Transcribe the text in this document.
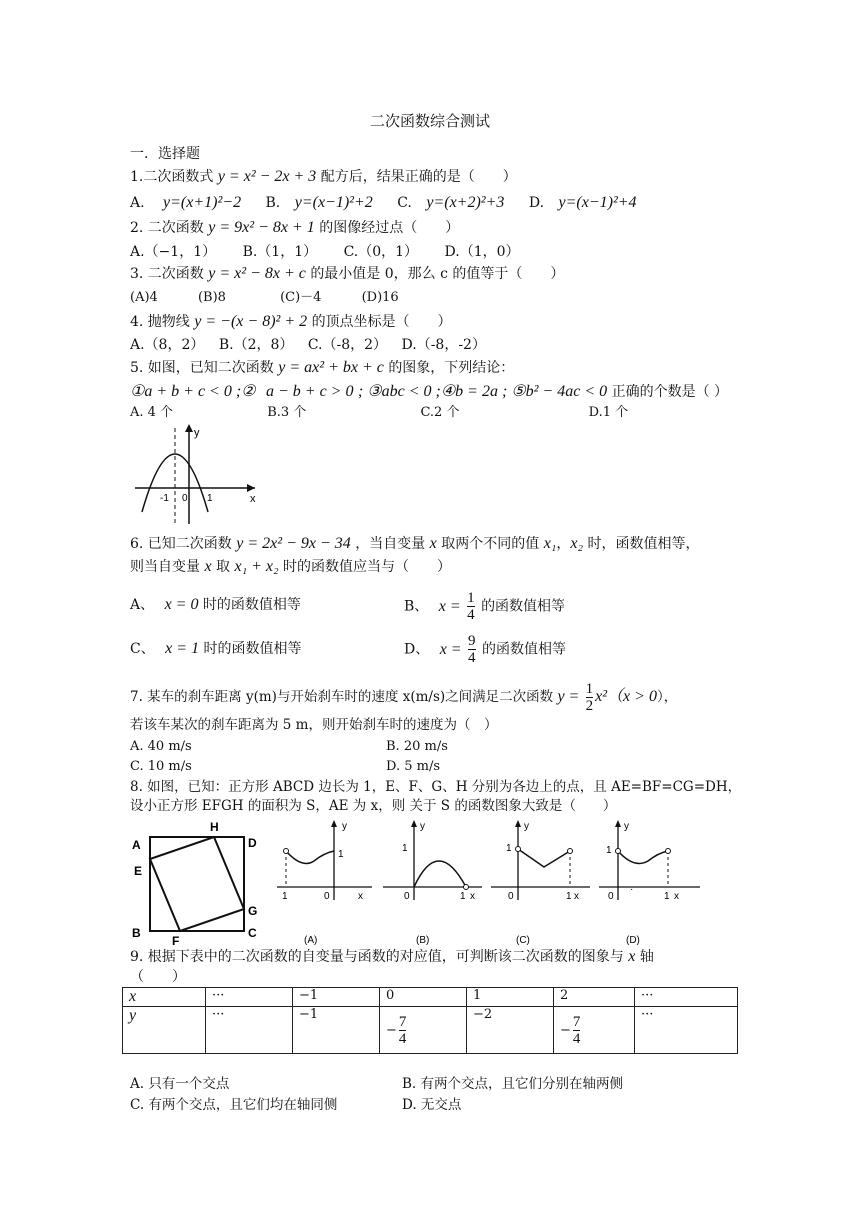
二次函数综合测试
一．选择题
1.二次函数式 y = x² − 2x + 3 配方后，结果正确的是（　　）
A. y=(x+1)²−2 B. y=(x−1)²+2 C. y=(x+2)²+3 D. y=(x−1)²+4
2. 二次函数 y = 9x² − 8x + 1 的图像经过点（　　）
A.（−1，1） B.（1，1） C.（0，1） D.（1，0）
3. 二次函数 y = x² − 8x + c 的最小值是 0，那么 c 的值等于（　　）
(A)4	(B)8	(C)－4	(D)16
4. 抛物线 y = −(x − 8)² + 2 的顶点坐标是（　　）
A.（8，2） B.（2，8） C.（-8，2） D.（-8，-2）
5. 如图，已知二次函数 y = ax² + bx + c 的图象，下列结论：
①a + b + c < 0 ;② a − b + c > 0 ; ③abc < 0 ;④b = 2a ; ⑤b² − 4ac < 0 正确的个数是（ ）
A. 4 个	B.3 个	C.2 个	D.1 个
y
x
-1 0 1
6. 已知二次函数 y = 2x² − 9x − 34 ，当自变量 x 取两个不同的值 x₁，x₂ 时，函数值相等，
则当自变量 x 取 x₁ + x₂ 时的函数值应当与（　　）
A、 x = 0 时的函数值相等	B、 $x = \frac{1}{4}$ 的函数值相等
C、 x = 1 时的函数值相等	D、 $x = \frac{9}{4}$ 的函数值相等
7. 某车的刹车距离 y(m)与开始刹车时的速度 x(m/s)之间满足二次函数 $y = \frac{1}{2} x^2(x > 0)$，
若该车某次的刹车距离为 5 m，则开始刹车时的速度为（　）
A. 40 m/s	B. 20 m/s
C. 10 m/s	D. 5 m/s
8. 如图，已知：正方形 ABCD 边长为 1，E、F、G、H 分别为各边上的点，且 AE=BF=CG=DH，
设小正方形 EFGH 的面积为 S，AE 为 x，则 关于 S 的函数图象大致是（　　）
A
E
B
F
C
G
D
H	y
1
1	0	x
(A)
y
1
0	1 x
(B)
y
1
0	1 x
(C)
y
1
0
·
1 x
(D)
9. 根据下表中的二次函数的自变量与函数的对应值，可判断该二次函数的图象与 x 轴
（　　）
x	···	−1	0	1	2	···
y	···	−1	− $\frac{7}{4}$	−2	− $\frac{7}{4}$	···
A. 只有一个交点	B. 有两个交点，且它们分别在轴两侧
C. 有两个交点，且它们均在轴同侧	D. 无交点
